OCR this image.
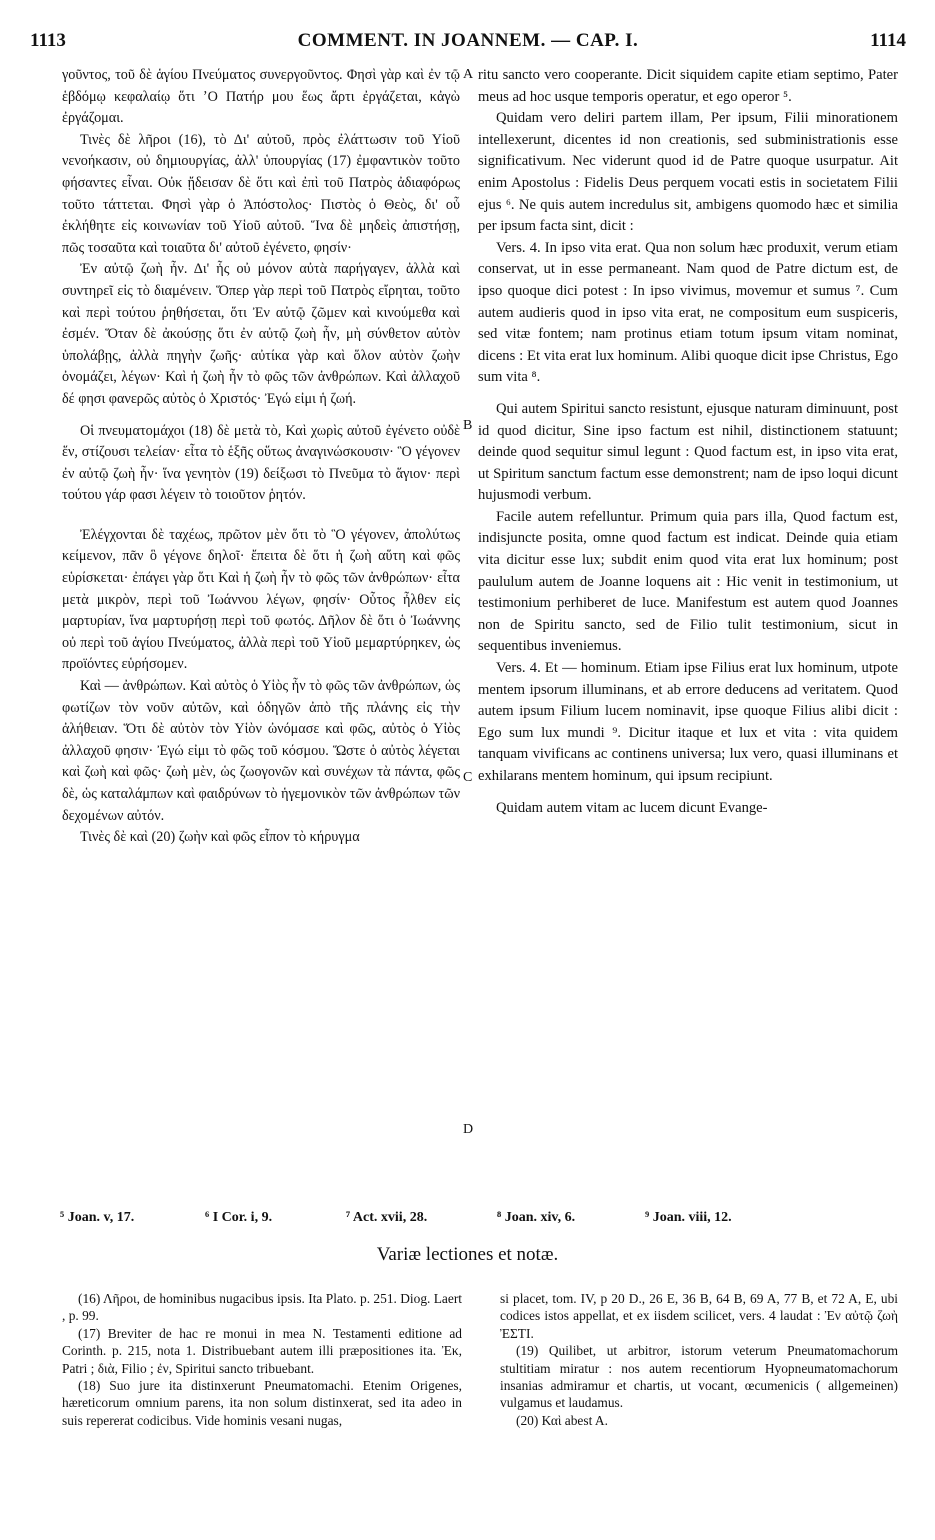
1113	COMMENT. IN JOANNEM. — CAP. I.	1114

γοῦντος, τοῦ δὲ ἁγίου Πνεύματος συνεργοῦντος. Φησὶ γὰρ καὶ ἐν τῷ ἑβδόμῳ κεφαλαίῳ ὅτι ʼΟ Πατήρ μου ἕως ἄρτι ἐργάζεται, κἀγὼ ἐργάζομαι.

Τινὲς δὲ λῆροι (16), τὸ Δι' αὐτοῦ, πρὸς ἐλάττωσιν τοῦ Υἱοῦ νενοήκασιν, οὐ δημιουργίας, ἀλλ' ὑπουργίας (17) ἐμφαντικὸν τοῦτο φήσαντες εἶναι. Οὐκ ᾔδεισαν δὲ ὅτι καὶ ἐπὶ τοῦ Πατρὸς ἀδιαφόρως τοῦτο τάττεται. Φησὶ γὰρ ὁ Ἀπόστολος· Πιστὸς ὁ Θεὸς, δι' οὗ ἐκλήθητε εἰς κοινωνίαν τοῦ Υἱοῦ αὐτοῦ. Ἵνα δὲ μηδεὶς ἀπιστήσῃ, πῶς τοσαῦτα καὶ τοιαῦτα δι' αὐτοῦ ἐγένετο, φησίν·

Ἐν αὐτῷ ζωὴ ἦν. Δι' ἧς οὐ μόνον αὐτὰ παρήγαγεν, ἀλλὰ καὶ συντηρεῖ εἰς τὸ διαμένειν. Ὅπερ γὰρ περὶ τοῦ Πατρὸς εἴρηται, τοῦτο καὶ περὶ τούτου ῥηθήσεται, ὅτι Ἐν αὐτῷ ζῶμεν καὶ κινούμεθα καὶ ἐσμέν. Ὅταν δὲ ἀκούσῃς ὅτι ἐν αὐτῷ ζωὴ ἦν, μὴ σύνθετον αὐτὸν ὑπολάβῃς, ἀλλὰ πηγὴν ζωῆς· αὐτίκα γὰρ καὶ ὅλον αὐτὸν ζωὴν ὀνομάζει, λέγων· Καὶ ἡ ζωὴ ἦν τὸ φῶς τῶν ἀνθρώπων. Καὶ ἀλλαχοῦ δέ φησι φανερῶς αὐτὸς ὁ Χριστός· Ἐγώ εἰμι ἡ ζωή.

Οἱ πνευματομάχοι (18) δὲ μετὰ τὸ, Καὶ χωρὶς αὐτοῦ ἐγένετο οὐδὲ ἕν, στίζουσι τελείαν· εἶτα τὸ ἑξῆς οὕτως ἀναγινώσκουσιν· Ὃ γέγονεν ἐν αὐτῷ ζωὴ ἦν· ἵνα γενητὸν (19) δείξωσι τὸ Πνεῦμα τὸ ἅγιον· περὶ τούτου γάρ φασι λέγειν τὸ τοιοῦτον ῥητόν.

Ἐλέγχονται δὲ ταχέως, πρῶτον μὲν ὅτι τὸ Ὃ γέγονεν, ἀπολύτως κείμενον, πᾶν ὃ γέγονε δηλοῖ· ἔπειτα δὲ ὅτι ἡ ζωὴ αὕτη καὶ φῶς εὑρίσκεται· ἐπάγει γὰρ ὅτι Καὶ ἡ ζωὴ ἦν τὸ φῶς τῶν ἀνθρώπων· εἶτα μετὰ μικρὸν, περὶ τοῦ Ἰωάννου λέγων, φησίν· Οὗτος ἦλθεν εἰς μαρτυρίαν, ἵνα μαρτυρήσῃ περὶ τοῦ φωτός. Δῆλον δὲ ὅτι ὁ Ἰωάννης οὐ περὶ τοῦ ἁγίου Πνεύματος, ἀλλὰ περὶ τοῦ Υἱοῦ μεμαρτύρηκεν, ὡς προϊόντες εὑρήσομεν.

Καὶ — ἀνθρώπων. Καὶ αὐτὸς ὁ Υἱὸς ἦν τὸ φῶς τῶν ἀνθρώπων, ὡς φωτίζων τὸν νοῦν αὐτῶν, καὶ ὁδηγῶν ἀπὸ τῆς πλάνης εἰς τὴν ἀλήθειαν. Ὅτι δὲ αὐτὸν τὸν Υἱὸν ὠνόμασε καὶ φῶς, αὐτὸς ὁ Υἱὸς ἀλλαχοῦ φησιν· Ἐγώ εἰμι τὸ φῶς τοῦ κόσμου. Ὥστε ὁ αὐτὸς λέγεται καὶ ζωὴ καὶ φῶς· ζωὴ μὲν, ὡς ζωογονῶν καὶ συνέχων τὰ πάντα, φῶς δὲ, ὡς καταλάμπων καὶ φαιδρύνων τὸ ἡγεμονικὸν τῶν ἀνθρώπων τῶν δεχομένων αὐτόν.

Τινὲς δὲ καὶ (20) ζωὴν καὶ φῶς εἶπον τὸ κήρυγμα

A
B
C
D

ritu sancto vero cooperante. Dicit siquidem capite etiam septimo, Pater meus ad hoc usque temporis operatur, et ego operor ⁵.

Quidam vero deliri partem illam, Per ipsum, Filii minorationem intellexerunt, dicentes id non creationis, sed subministrationis esse significativum. Nec viderunt quod id de Patre quoque usurpatur. Ait enim Apostolus : Fidelis Deus perquem vocati estis in societatem Filii ejus ⁶. Ne quis autem incredulus sit, ambigens quomodo hæc et similia per ipsum facta sint, dicit :

Vers. 4. In ipso vita erat. Qua non solum hæc produxit, verum etiam conservat, ut in esse permaneant. Nam quod de Patre dictum est, de ipso quoque dici potest : In ipso vivimus, movemur et sumus ⁷. Cum autem audieris quod in ipso vita erat, ne compositum eum suspiceris, sed vitæ fontem; nam protinus etiam totum ipsum vitam nominat, dicens : Et vita erat lux hominum. Alibi quoque dicit ipse Christus, Ego sum vita ⁸.

Qui autem Spiritui sancto resistunt, ejusque naturam diminuunt, post id quod dicitur, Sine ipso factum est nihil, distinctionem statuunt; deinde quod sequitur simul legunt : Quod factum est, in ipso vita erat, ut Spiritum sanctum factum esse demonstrent; nam de ipso loqui dicunt hujusmodi verbum.

Facile autem refelluntur. Primum quia pars illa, Quod factum est, indisjuncte posita, omne quod factum est indicat. Deinde quia etiam vita dicitur esse lux; subdit enim quod vita erat lux hominum; post paululum autem de Joanne loquens ait : Hic venit in testimonium, ut testimonium perhiberet de luce. Manifestum est autem quod Joannes non de Spiritu sancto, sed de Filio tulit testimonium, sicut in sequentibus inveniemus.

Vers. 4. Et — hominum. Etiam ipse Filius erat lux hominum, utpote mentem ipsorum illuminans, et ab errore deducens ad veritatem. Quod autem ipsum Filium lucem nominavit, ipse quoque Filius alibi dicit : Ego sum lux mundi ⁹. Dicitur itaque et lux et vita : vita quidem tanquam vivificans ac continens universa; lux vero, quasi illuminans et exhilarans mentem hominum, qui ipsum recipiunt.

Quidam autem vitam ac lucem dicunt Evange-

⁵ Joan. v, 17.	⁶ I Cor. i, 9.	⁷ Act. xvii, 28.	⁸ Joan. xiv, 6.	⁹ Joan. viii, 12.
Variæ lectiones et notæ.

(16) Λῆροι, de hominibus nugacibus ipsis. Ita Plato. p. 251. Diog. Laert , p. 99.

(17) Breviter de hac re monui in mea N. Testamenti editione ad Corinth. p. 215, nota 1. Distribuebant autem illi præpositiones ita. Ἐκ, Patri ; διὰ, Filio ; ἐν, Spiritui sancto tribuebant.

(18) Suo jure ita distinxerunt Pneumatomachi. Etenim Origenes, hæreticorum omnium parens, ita non solum distinxerat, sed ita adeo in suis repererat codicibus. Vide hominis vesani nugas,

si placet, tom. IV, p 20 D., 26 E, 36 B, 64 B, 69 A, 77 B, et 72 A, E, ubi codices istos appellat, et ex iisdem scilicet, vers. 4 laudat : Ἐν αὐτῷ ζωὴ ἘΣΤΙ.

(19) Quilibet, ut arbitror, istorum veterum Pneumatomachorum stultitiam miratur : nos autem recentiorum Hyopneumatomachorum insanias admiramur et chartis, ut vocant, œcumenicis ( allgemeinen) vulgamus et laudamus.

(20) Καὶ abest A.
